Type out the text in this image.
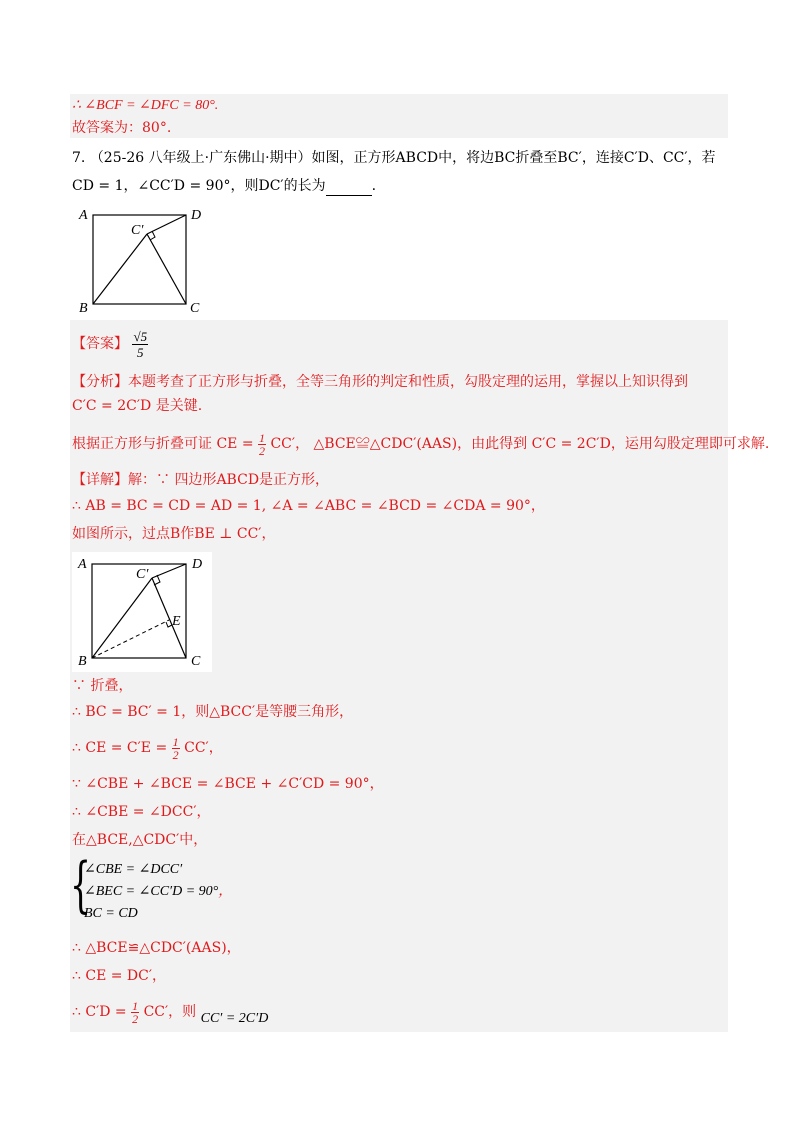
∴ ∠BCF = ∠DFC = 80°.
故答案为：80°.
7. （25-26 八年级上·广东佛山·期中）如图，正方形ABCD中，将边BC折叠至BC′，连接C′D、CC′，若
CD = 1，∠CC′D = 90°，则DC′的长为	.
A	D
B	C
C′
【答案】 $\frac{√5}{5}$
【分析】本题考查了正方形与折叠，全等三角形的判定和性质，勾股定理的运用，掌握以上知识得到
C′C = 2C′D 是关键.
根据正方形与折叠可证 CE = $\frac{1}{2} CC'$， △BCE≌△CDC′(AAS)，由此得到 C′C = 2C′D，运用勾股定理即可求解.
【详解】解：∵ 四边形ABCD是正方形，
∴ AB = BC = CD = AD = 1, ∠A = ∠ABC = ∠BCD = ∠CDA = 90°，
如图所示，过点B作BE ⊥ CC′，
A	D
B	C
C′
E
∵ 折叠，
∴ BC = BC′ = 1，则△BCC′是等腰三角形，
∴ CE = $C'E = \frac{1}{2} CC'$，
∵ ∠CBE + ∠BCE = ∠BCE + ∠C′CD = 90°，
∴ ∠CBE = ∠DCC′，
在△BCE,△CDC′中，
{
∠CBE = ∠DCC′
∠BEC = ∠CC′D = 90°，
BC = CD
∴ △BCE≌△CDC′(AAS)，
∴ CE = DC′，
∴ $C'D = \frac{1}{2} CC'$，则 CC′ = 2C′D
